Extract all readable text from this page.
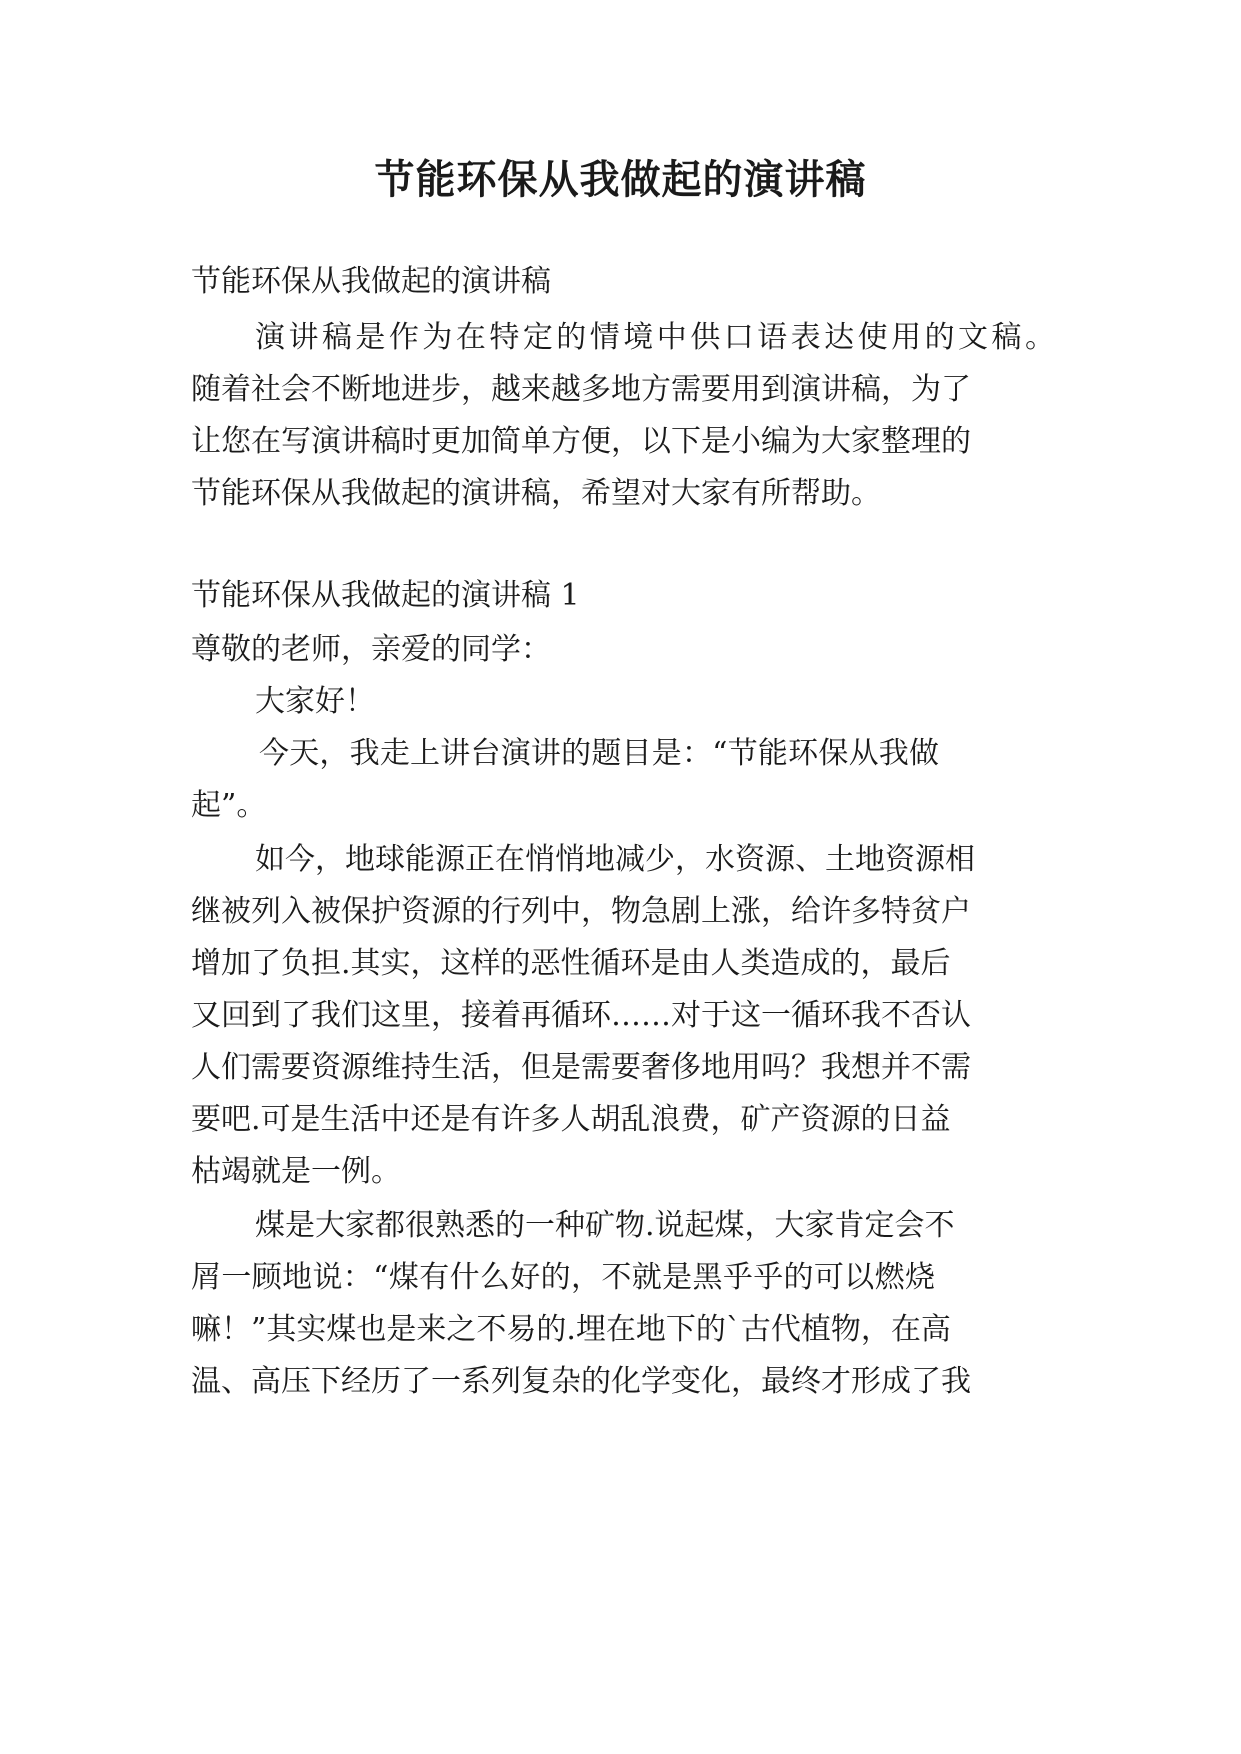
节能环保从我做起的演讲稿

节能环保从我做起的演讲稿

演讲稿是作为在特定的情境中供口语表达使用的文稿。

随着社会不断地进步，越来越多地方需要用到演讲稿，为了

让您在写演讲稿时更加简单方便，以下是小编为大家整理的

节能环保从我做起的演讲稿，希望对大家有所帮助。

节能环保从我做起的演讲稿 1

尊敬的老师，亲爱的同学：

大家好！

今天，我走上讲台演讲的题目是：“节能环保从我做

起”。

如今，地球能源正在悄悄地减少，水资源、土地资源相

继被列入被保护资源的行列中，物急剧上涨，给许多特贫户

增加了负担.其实，这样的恶性循环是由人类造成的，最后

又回到了我们这里，接着再循环……对于这一循环我不否认

人们需要资源维持生活，但是需要奢侈地用吗？我想并不需

要吧.可是生活中还是有许多人胡乱浪费，矿产资源的日益

枯竭就是一例。

煤是大家都很熟悉的一种矿物.说起煤，大家肯定会不

屑一顾地说：“煤有什么好的，不就是黑乎乎的可以燃烧

嘛！”其实煤也是来之不易的.埋在地下的`古代植物，在高

温、高压下经历了一系列复杂的化学变化，最终才形成了我
